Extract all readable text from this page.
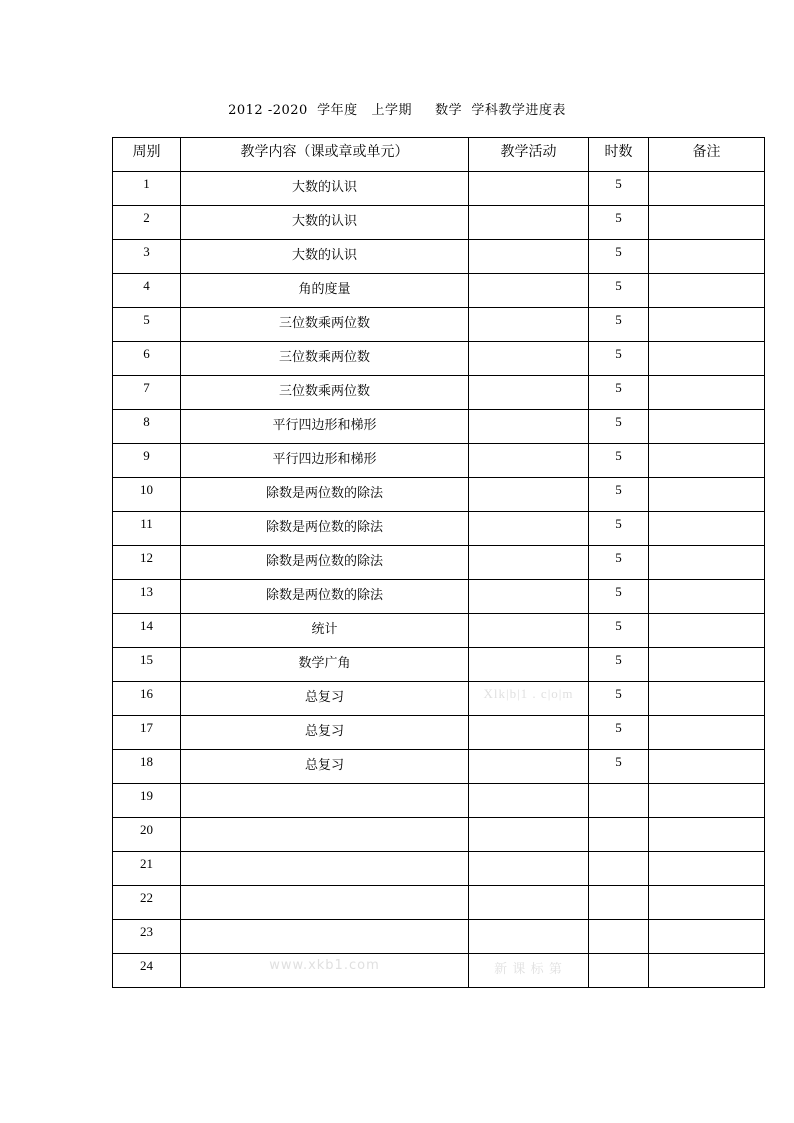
2012 -2020  学年度   上学期     数学  学科教学进度表
周别	教学内容（课或章或单元）	教学活动	时数	备注
1	大数的认识		5	
2	大数的认识		5	
3	大数的认识		5	
4	角的度量		5	
5	三位数乘两位数		5	
6	三位数乘两位数		5	
7	三位数乘两位数		5	
8	平行四边形和梯形		5	
9	平行四边形和梯形		5	
10	除数是两位数的除法		5	
11	除数是两位数的除法		5	
12	除数是两位数的除法		5	
13	除数是两位数的除法		5	
14	统计		5	
15	数学广角		5	
16	总复习	Xlk|b|1 . c|o|m	5	
17	总复习		5	
18	总复习		5	
19				
20				
21				
22				
23				
24	www.xkb1.com	新 课 标 第		
